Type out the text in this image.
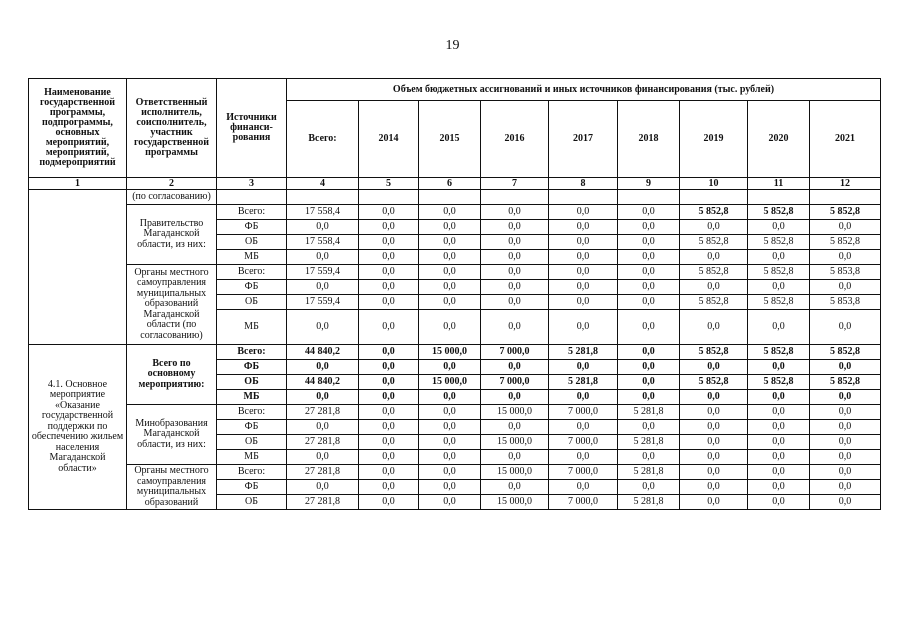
19
Наименование государственной программы, подпрограммы, основных мероприятий, мероприятий, подмероприятий	Ответственный исполнитель, соисполнитель, участник государственной программы	Источники финанси-рования	Объем бюджетных ассигнований и иных источников финансирования (тыс. рублей)								
			Всего:	2014	2015	2016	2017	2018	2019	2020	2021
1	2	3	4	5	6	7	8	9	10	11	12
	(по согласованию)										
	Правительство Магаданской области, из них:	Всего:	17 558,4	0,0	0,0	0,0	0,0	0,0	5 852,8	5 852,8	5 852,8
		ФБ	0,0	0,0	0,0	0,0	0,0	0,0	0,0	0,0	0,0
		ОБ	17 558,4	0,0	0,0	0,0	0,0	0,0	5 852,8	5 852,8	5 852,8
		МБ	0,0	0,0	0,0	0,0	0,0	0,0	0,0	0,0	0,0
	Органы местного самоуправления муниципальных образований Магаданской области (по согласованию)	Всего:	17 559,4	0,0	0,0	0,0	0,0	0,0	5 852,8	5 852,8	5 853,8
		ФБ	0,0	0,0	0,0	0,0	0,0	0,0	0,0	0,0	0,0
		ОБ	17 559,4	0,0	0,0	0,0	0,0	0,0	5 852,8	5 852,8	5 853,8
		МБ	0,0	0,0	0,0	0,0	0,0	0,0	0,0	0,0	0,0
4.1. Основное мероприятие «Оказание государственной поддержки по обеспечению жильем населения Магаданской области»	Всего по основному мероприятию:	Всего:	44 840,2	0,0	15 000,0	7 000,0	5 281,8	0,0	5 852,8	5 852,8	5 852,8
		ФБ	0,0	0,0	0,0	0,0	0,0	0,0	0,0	0,0	0,0
		ОБ	44 840,2	0,0	15 000,0	7 000,0	5 281,8	0,0	5 852,8	5 852,8	5 852,8
		МБ	0,0	0,0	0,0	0,0	0,0	0,0	0,0	0,0	0,0
	Минобразования Магаданской области, из них:	Всего:	27 281,8	0,0	0,0	15 000,0	7 000,0	5 281,8	0,0	0,0	0,0
		ФБ	0,0	0,0	0,0	0,0	0,0	0,0	0,0	0,0	0,0
		ОБ	27 281,8	0,0	0,0	15 000,0	7 000,0	5 281,8	0,0	0,0	0,0
		МБ	0,0	0,0	0,0	0,0	0,0	0,0	0,0	0,0	0,0
	Органы местного самоуправления муниципальных образований	Всего:	27 281,8	0,0	0,0	15 000,0	7 000,0	5 281,8	0,0	0,0	0,0
		ФБ	0,0	0,0	0,0	0,0	0,0	0,0	0,0	0,0	0,0
		ОБ	27 281,8	0,0	0,0	15 000,0	7 000,0	5 281,8	0,0	0,0	0,0
